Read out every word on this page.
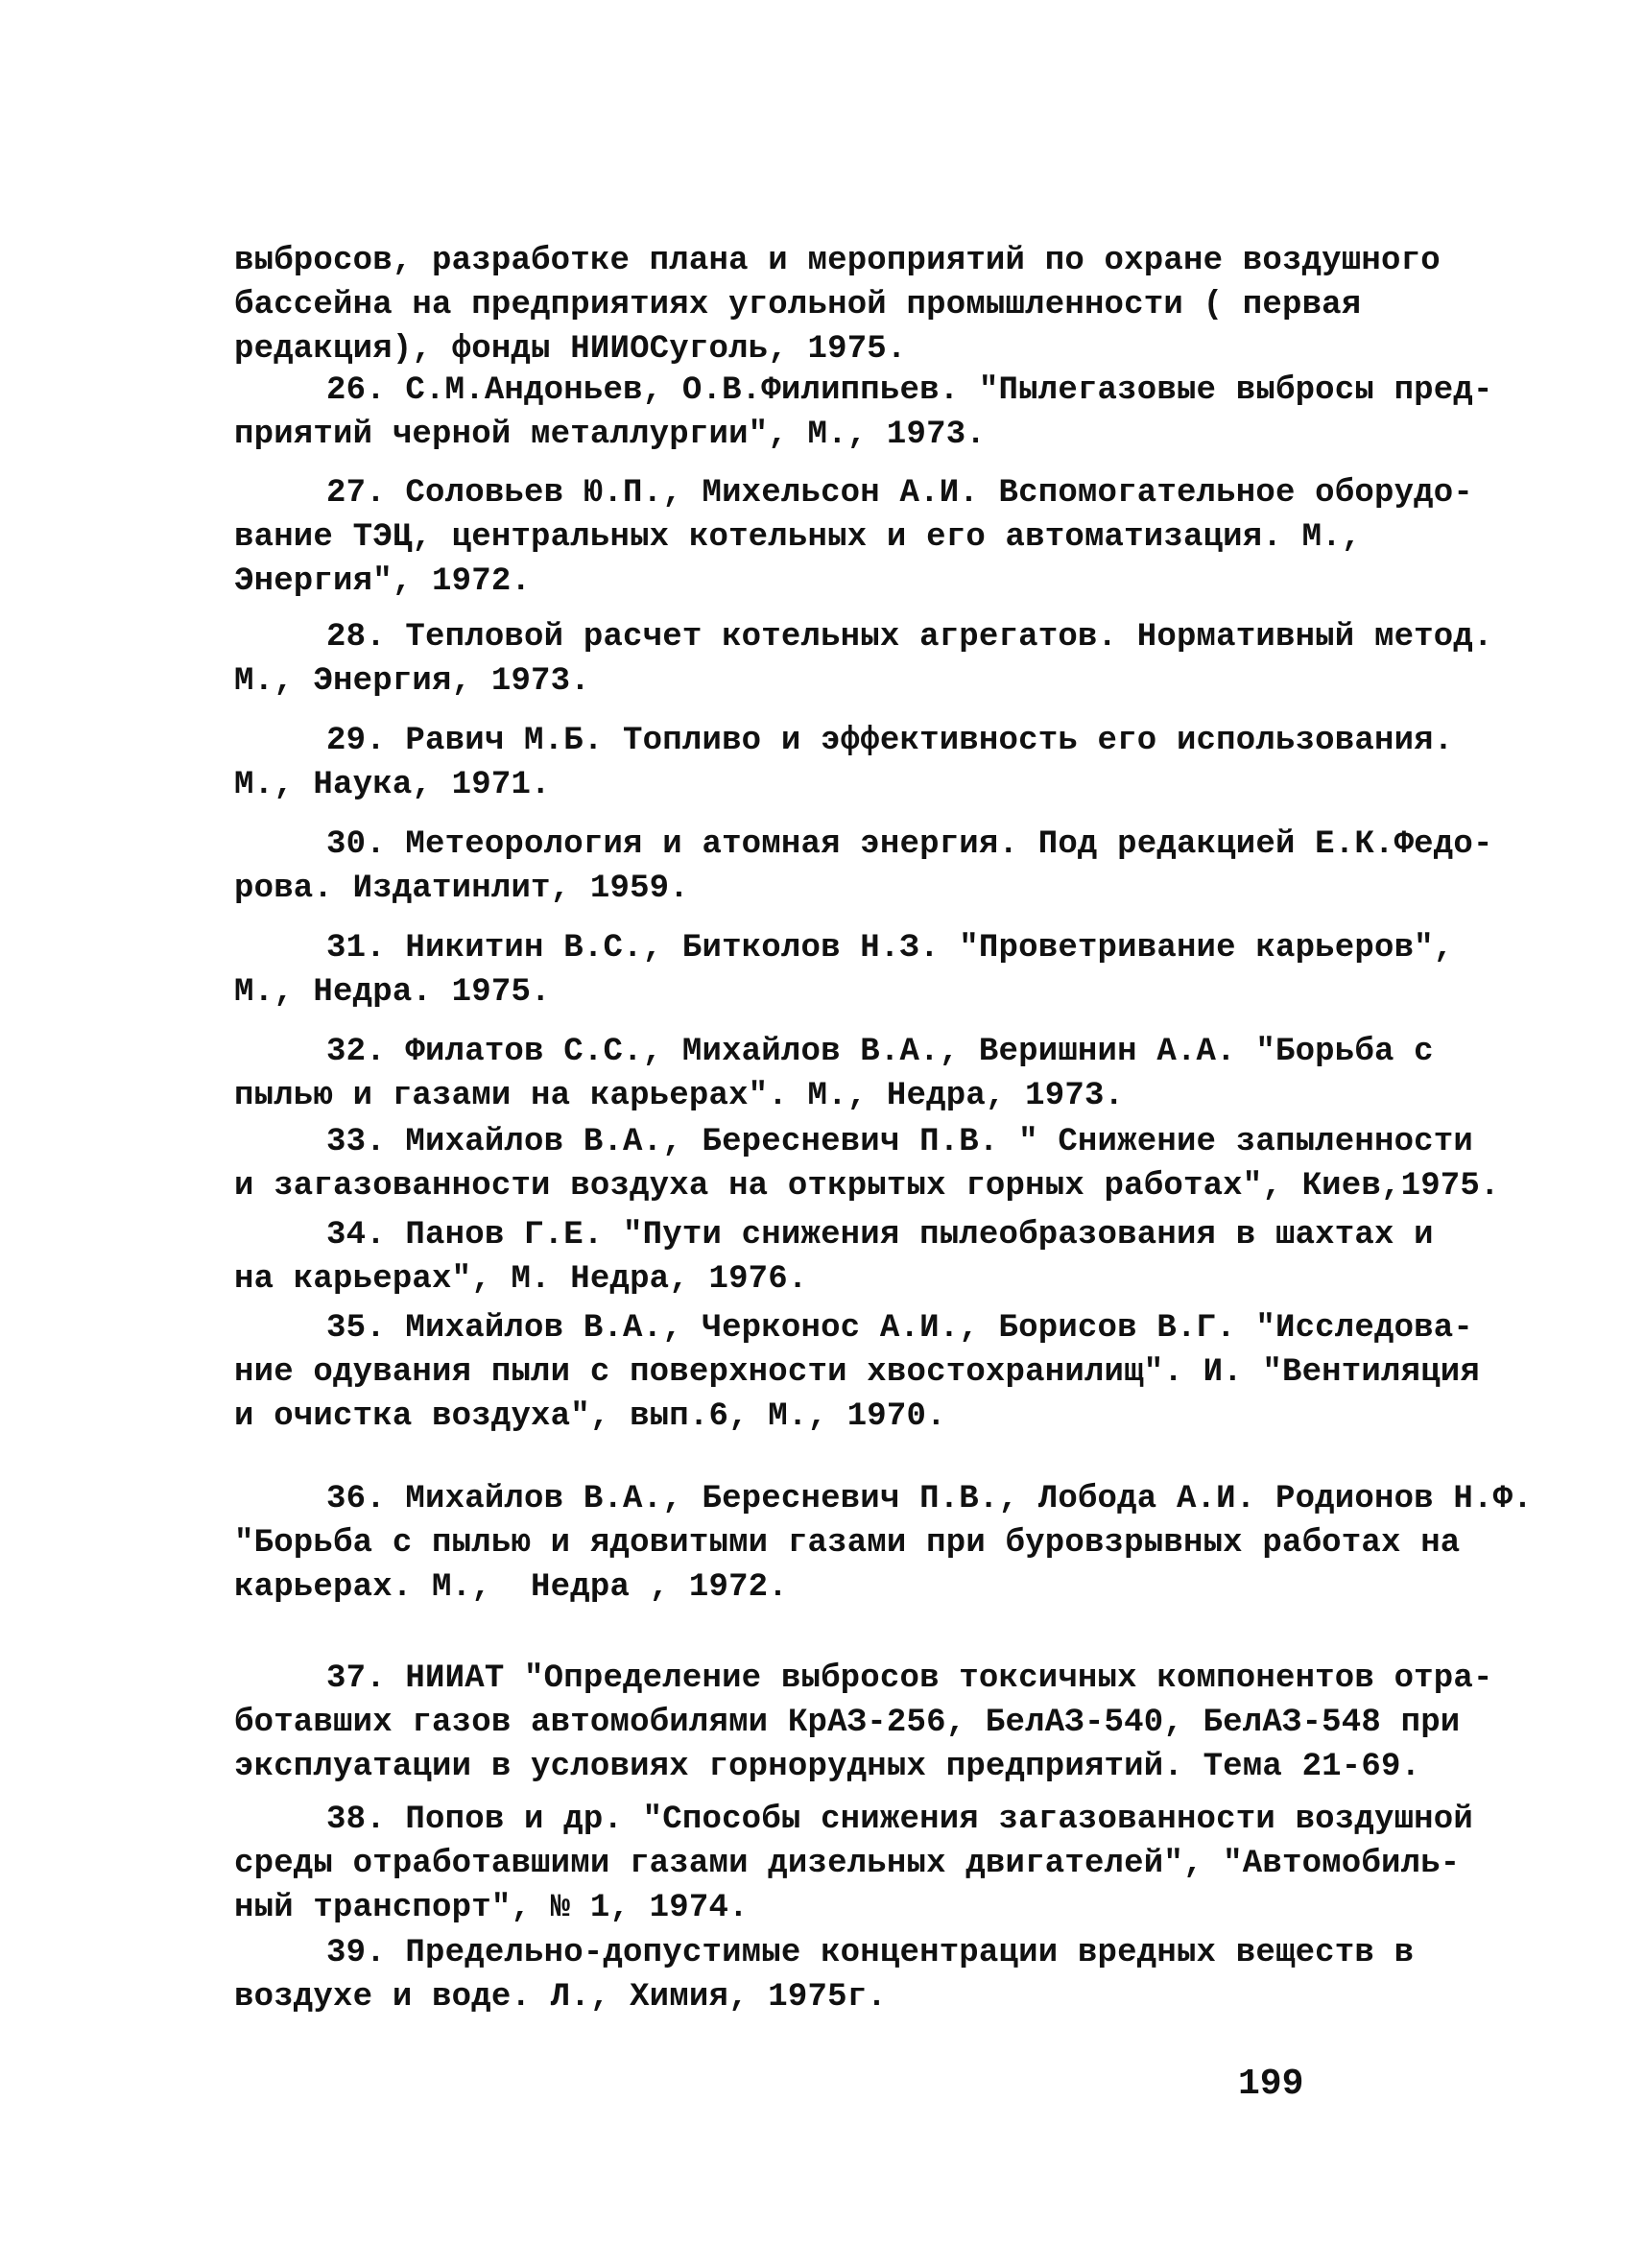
выбросов, разработке плана и мероприятий по охране воздушного
бассейна на предприятиях угольной промышленности ( первая
редакция), фонды НИИОСуголь, 1975.
26. С.М.Андоньев, О.В.Филиппьев. "Пылегазовые выбросы пред-
приятий черной металлургии", М., 1973.
27. Соловьев Ю.П., Михельсон А.И. Вспомогательное оборудо-
вание ТЭЦ, центральных котельных и его автоматизация. М.,
Энергия", 1972.
28. Тепловой расчет котельных агрегатов. Нормативный метод.
М., Энергия, 1973.
29. Равич М.Б. Топливо и эффективность его использования.
М., Наука, 1971.
30. Метеорология и атомная энергия. Под редакцией Е.К.Федо-
рова. Издатинлит, 1959.
31. Никитин В.С., Битколов Н.З. "Проветривание карьеров",
М., Недра. 1975.
32. Филатов С.С., Михайлов В.А., Веришнин А.А. "Борьба с
пылью и газами на карьерах". М., Недра, 1973.
33. Михайлов В.А., Бересневич П.В. " Снижение запыленности
и загазованности воздуха на открытых горных работах", Киев,1975.
34. Панов Г.Е. "Пути снижения пылеобразования в шахтах и
на карьерах", М. Недра, 1976.
35. Михайлов В.А., Черконос А.И., Борисов В.Г. "Исследова-
ние одувания пыли с поверхности хвостохранилищ". И. "Вентиляция
и очистка воздуха", вып.6, М., 1970.
36. Михайлов В.А., Бересневич П.В., Лобода А.И. Родионов Н.Ф.
"Борьба с пылью и ядовитыми газами при буровзрывных работах на
карьерах. М.,  Недра , 1972.
37. НИИАТ "Определение выбросов токсичных компонентов отра-
ботавших газов автомобилями КрАЗ-256, БелАЗ-540, БелАЗ-548 при
эксплуатации в условиях горнорудных предприятий. Тема 21-69.
38. Попов и др. "Способы снижения загазованности воздушной
среды отработавшими газами дизельных двигателей", "Автомобиль-
ный транспорт", № 1, 1974.
39. Предельно-допустимые концентрации вредных веществ в
воздухе и воде. Л., Химия, 1975г.
199
